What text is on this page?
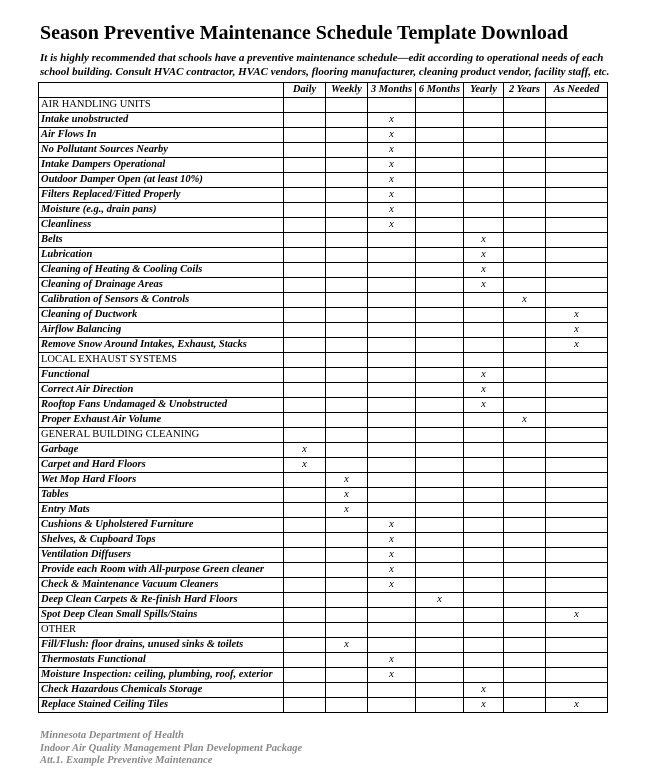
Season Preventive Maintenance Schedule Template Download
It is highly recommended that schools have a preventive maintenance schedule—edit according to operational needs of each school building. Consult HVAC contractor, HVAC vendors, flooring manufacturer, cleaning product vendor, facility staff, etc.
	Daily	Weekly	3 Months	6 Months	Yearly	2 Years	As Needed
AIR HANDLING UNITS							
Intake unobstructed			x				
Air Flows In			x				
No Pollutant Sources Nearby			x				
Intake Dampers Operational			x				
Outdoor Damper Open (at least 10%)			x				
Filters Replaced/Fitted Properly			x				
Moisture (e.g., drain pans)			x				
Cleanliness			x				
Belts					x		
Lubrication					x		
Cleaning of Heating & Cooling Coils					x		
Cleaning of Drainage Areas					x		
Calibration of Sensors & Controls						x	
Cleaning of Ductwork							x
Airflow Balancing							x
Remove Snow Around Intakes, Exhaust, Stacks							x
LOCAL EXHAUST SYSTEMS							
Functional					x		
Correct Air Direction					x		
Rooftop Fans Undamaged & Unobstructed					x		
Proper Exhaust Air Volume						x	
GENERAL BUILDING CLEANING							
Garbage	x						
Carpet and Hard Floors	x						
Wet Mop Hard Floors		x					
Tables		x					
Entry Mats		x					
Cushions & Upholstered Furniture			x				
Shelves, & Cupboard Tops			x				
Ventilation Diffusers			x				
Provide each Room with All-purpose Green cleaner			x				
Check & Maintenance Vacuum Cleaners			x				
Deep Clean Carpets & Re-finish Hard Floors				x			
Spot Deep Clean Small Spills/Stains							x
OTHER							
Fill/Flush: floor drains, unused sinks & toilets		x					
Thermostats Functional			x				
Moisture Inspection: ceiling, plumbing, roof, exterior			x				
Check Hazardous Chemicals Storage					x		
Replace Stained Ceiling Tiles					x		x
Minnesota Department of Health
Indoor Air Quality Management Plan Development Package
Att.1. Example Preventive Maintenance
